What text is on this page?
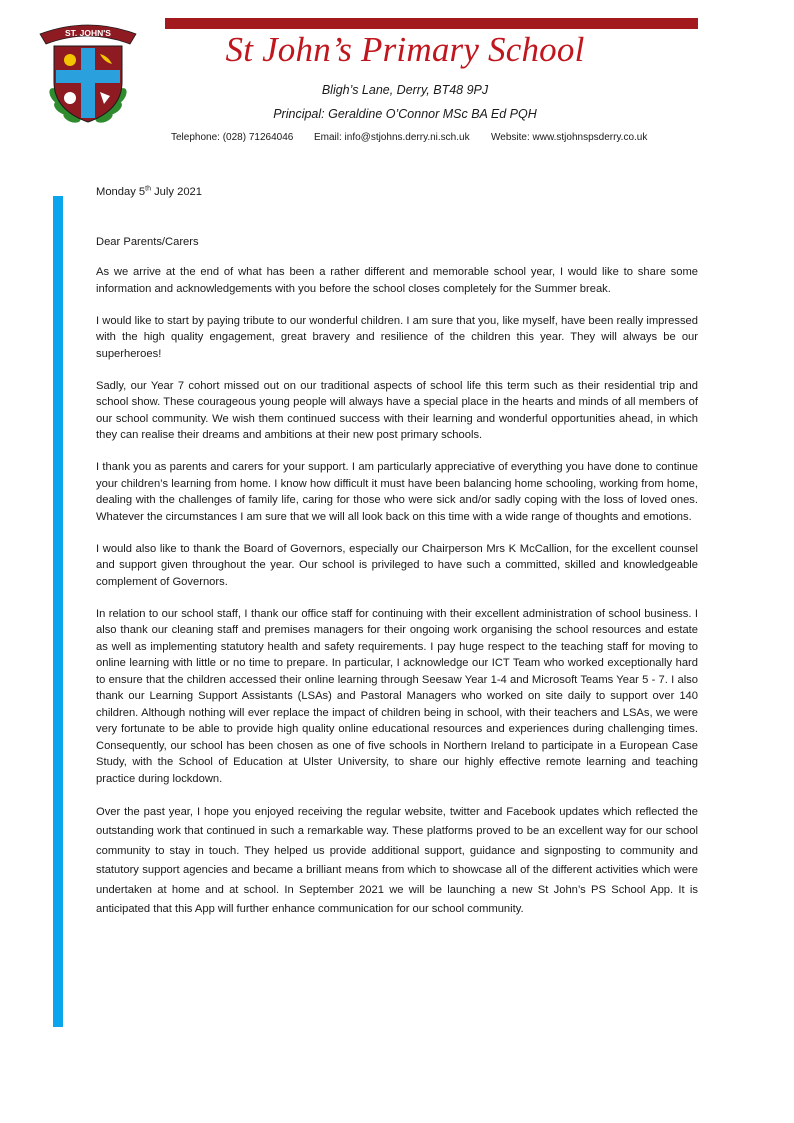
ST. JOHN'S	St John’s Primary School
Bligh’s Lane, Derry, BT48 9PJ
Principal: Geraldine O’Connor MSc BA Ed PQH
Telephone: (028) 71264046 Email: info@stjohns.derry.ni.sch.uk Website: www.stjohnspsderry.co.uk

Monday 5th July 2021

Dear Parents/Carers

As we arrive at the end of what has been a rather different and memorable school year, I would like to share some information and acknowledgements with you before the school closes completely for the Summer break.

I would like to start by paying tribute to our wonderful children. I am sure that you, like myself, have been really impressed with the high quality engagement, great bravery and resilience of the children this year. They will always be our superheroes!

Sadly, our Year 7 cohort missed out on our traditional aspects of school life this term such as their residential trip and school show. These courageous young people will always have a special place in the hearts and minds of all members of our school community. We wish them continued success with their learning and wonderful opportunities ahead, in which they can realise their dreams and ambitions at their new post primary schools.

I thank you as parents and carers for your support. I am particularly appreciative of everything you have done to continue your children’s learning from home. I know how difficult it must have been balancing home schooling, working from home, dealing with the challenges of family life, caring for those who were sick and/or sadly coping with the loss of loved ones. Whatever the circumstances I am sure that we will all look back on this time with a wide range of thoughts and emotions.

I would also like to thank the Board of Governors, especially our Chairperson Mrs K McCallion, for the excellent counsel and support given throughout the year. Our school is privileged to have such a committed, skilled and knowledgeable complement of Governors.

In relation to our school staff, I thank our office staff for continuing with their excellent administration of school business. I also thank our cleaning staff and premises managers for their ongoing work organising the school resources and estate as well as implementing statutory health and safety requirements. I pay huge respect to the teaching staff for moving to online learning with little or no time to prepare. In particular, I acknowledge our ICT Team who worked exceptionally hard to ensure that the children accessed their online learning through Seesaw Year 1-4 and Microsoft Teams Year 5 - 7. I also thank our Learning Support Assistants (LSAs) and Pastoral Managers who worked on site daily to support over 140 children. Although nothing will ever replace the impact of children being in school, with their teachers and LSAs, we were very fortunate to be able to provide high quality online educational resources and experiences during challenging times. Consequently, our school has been chosen as one of five schools in Northern Ireland to participate in a European Case Study, with the School of Education at Ulster University, to share our highly effective remote learning and teaching practice during lockdown.

Over the past year, I hope you enjoyed receiving the regular website, twitter and Facebook updates which reflected the outstanding work that continued in such a remarkable way. These platforms proved to be an excellent way for our school community to stay in touch. They helped us provide additional support, guidance and signposting to community and statutory support agencies and became a brilliant means from which to showcase all of the different activities which were undertaken at home and at school. In September 2021 we will be launching a new St John’s PS School App. It is anticipated that this App will further enhance communication for our school community.
